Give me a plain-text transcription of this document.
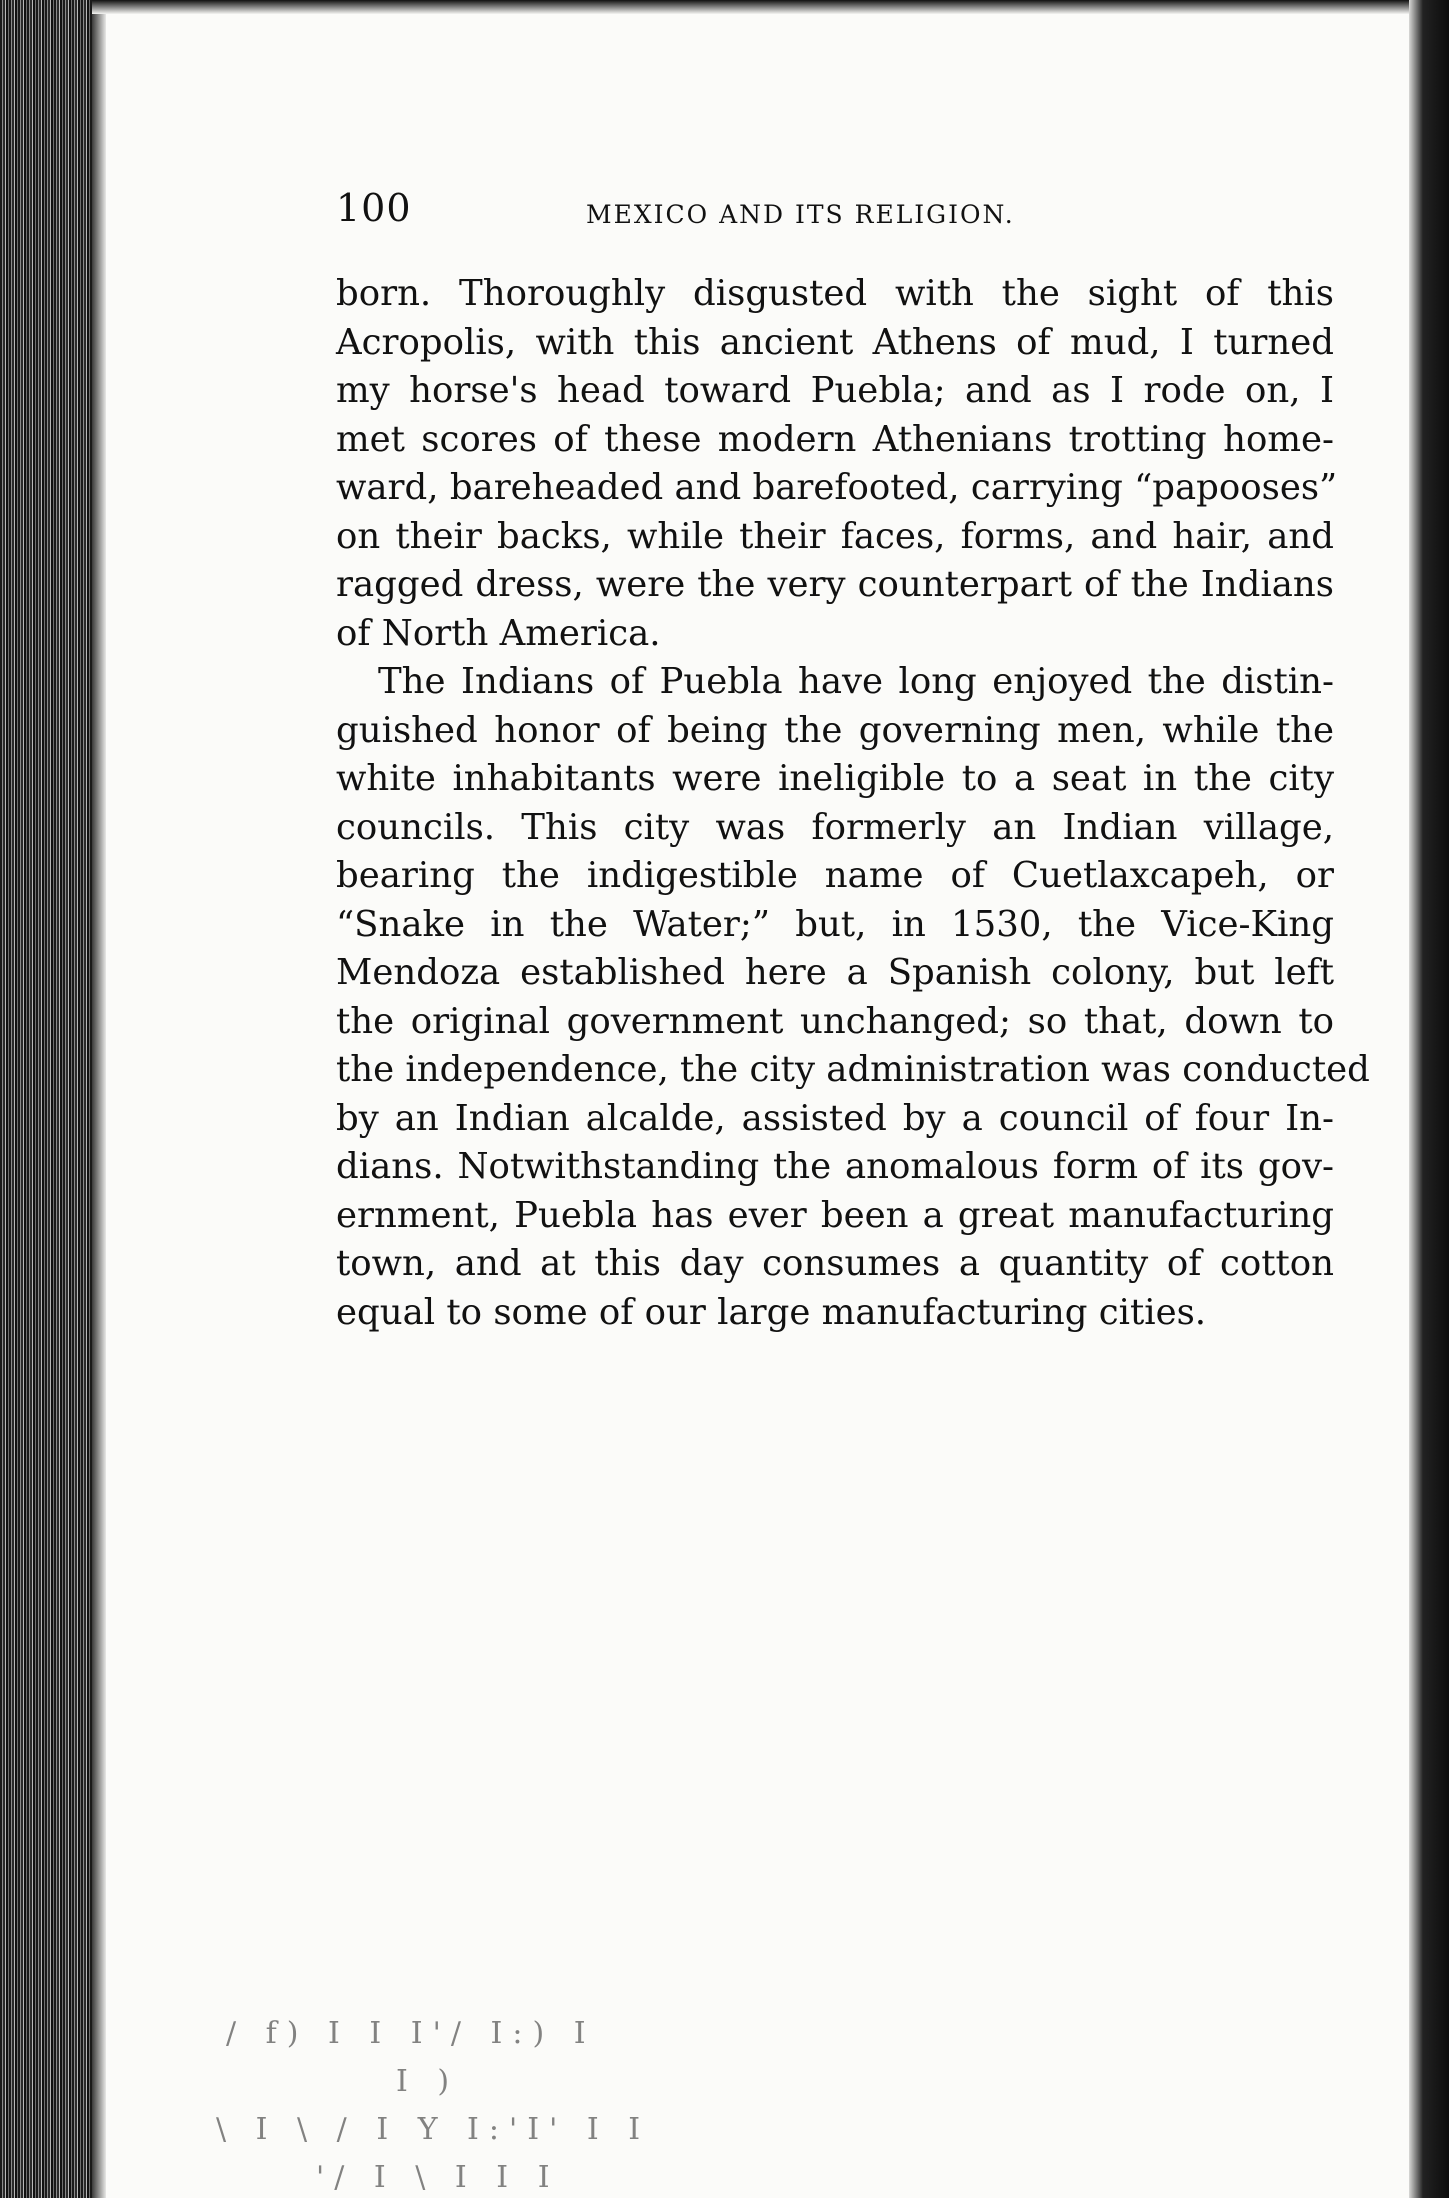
100	MEXICO AND ITS RELIGION.
born. Thoroughly disgusted with the sight of this
Acropolis, with this ancient Athens of mud, I turned
my horse's head toward Puebla; and as I rode on, I
met scores of these modern Athenians trotting home-
ward, bareheaded and barefooted, carrying “papooses”
on their backs, while their faces, forms, and hair, and
ragged dress, were the very counterpart of the Indians
of North America.
The Indians of Puebla have long enjoyed the distin-
guished honor of being the governing men, while the
white inhabitants were ineligible to a seat in the city
councils. This city was formerly an Indian village,
bearing the indigestible name of Cuetlaxcapeh, or
“Snake in the Water;” but, in 1530, the Vice-King
Mendoza established here a Spanish colony, but left
the original government unchanged; so that, down to
the independence, the city administration was conducted
by an Indian alcalde, assisted by a council of four In-
dians. Notwithstanding the anomalous form of its gov-
ernment, Puebla has ever been a great manufacturing
town, and at this day consumes a quantity of cotton
equal to some of our large manufacturing cities.
/ f) I I I'/ I:) I
I )
\ I \ / I Y I:'I' I I
'/ I \ I I I
